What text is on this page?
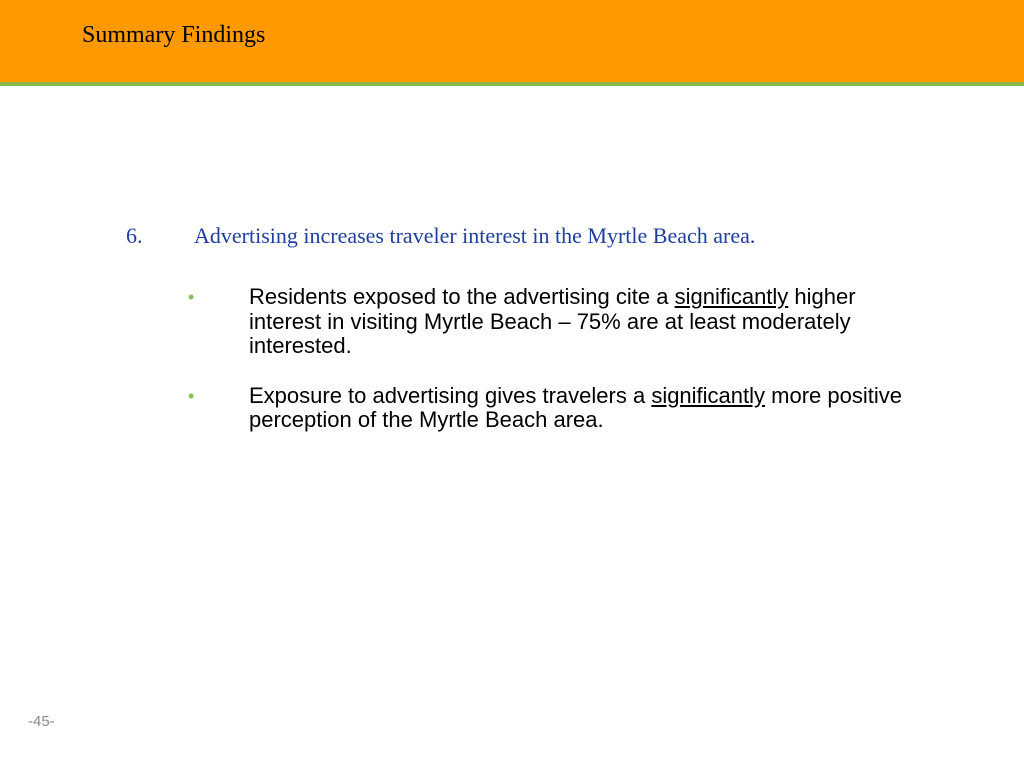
Summary Findings
6. Advertising increases traveler interest in the Myrtle Beach area.
• Residents exposed to the advertising cite a significantly higher interest in visiting Myrtle Beach – 75% are at least moderately interested.
• Exposure to advertising gives travelers a significantly more positive perception of the Myrtle Beach area.
-45-
